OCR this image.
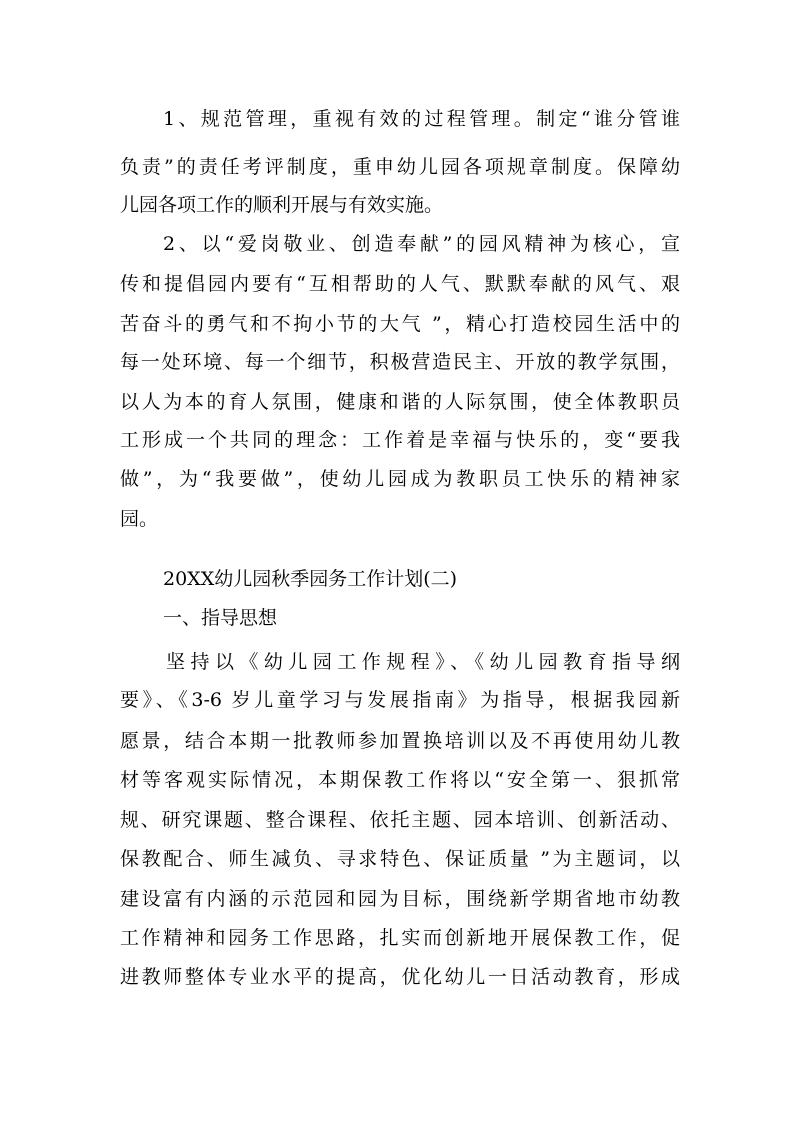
1、规范管理，重视有效的过程管理。制定“谁分管谁
负责”的责任考评制度，重申幼儿园各项规章制度。保障幼
儿园各项工作的顺利开展与有效实施。
2、以“爱岗敬业、创造奉献”的园风精神为核心，宣
传和提倡园内要有“互相帮助的人气、默默奉献的风气、艰
苦奋斗的勇气和不拘小节的大气 ”，精心打造校园生活中的
每一处环境、每一个细节，积极营造民主、开放的教学氛围，
以人为本的育人氛围，健康和谐的人际氛围，使全体教职员
工形成一个共同的理念：工作着是幸福与快乐的，变“要我
做”，为“我要做”，使幼儿园成为教职员工快乐的精神家
园。
20XX幼儿园秋季园务工作计划(二)
一、指导思想
坚持以《幼儿园工作规程》、《幼儿园教育指导纲
要》、《3-6 岁儿童学习与发展指南》为指导，根据我园新
愿景，结合本期一批教师参加置换培训以及不再使用幼儿教
材等客观实际情况，本期保教工作将以“安全第一、狠抓常
规、研究课题、整合课程、依托主题、园本培训、创新活动、
保教配合、师生减负、寻求特色、保证质量 ”为主题词，以
建设富有内涵的示范园和园为目标，围绕新学期省地市幼教
工作精神和园务工作思路，扎实而创新地开展保教工作，促
进教师整体专业水平的提高，优化幼儿一日活动教育，形成
